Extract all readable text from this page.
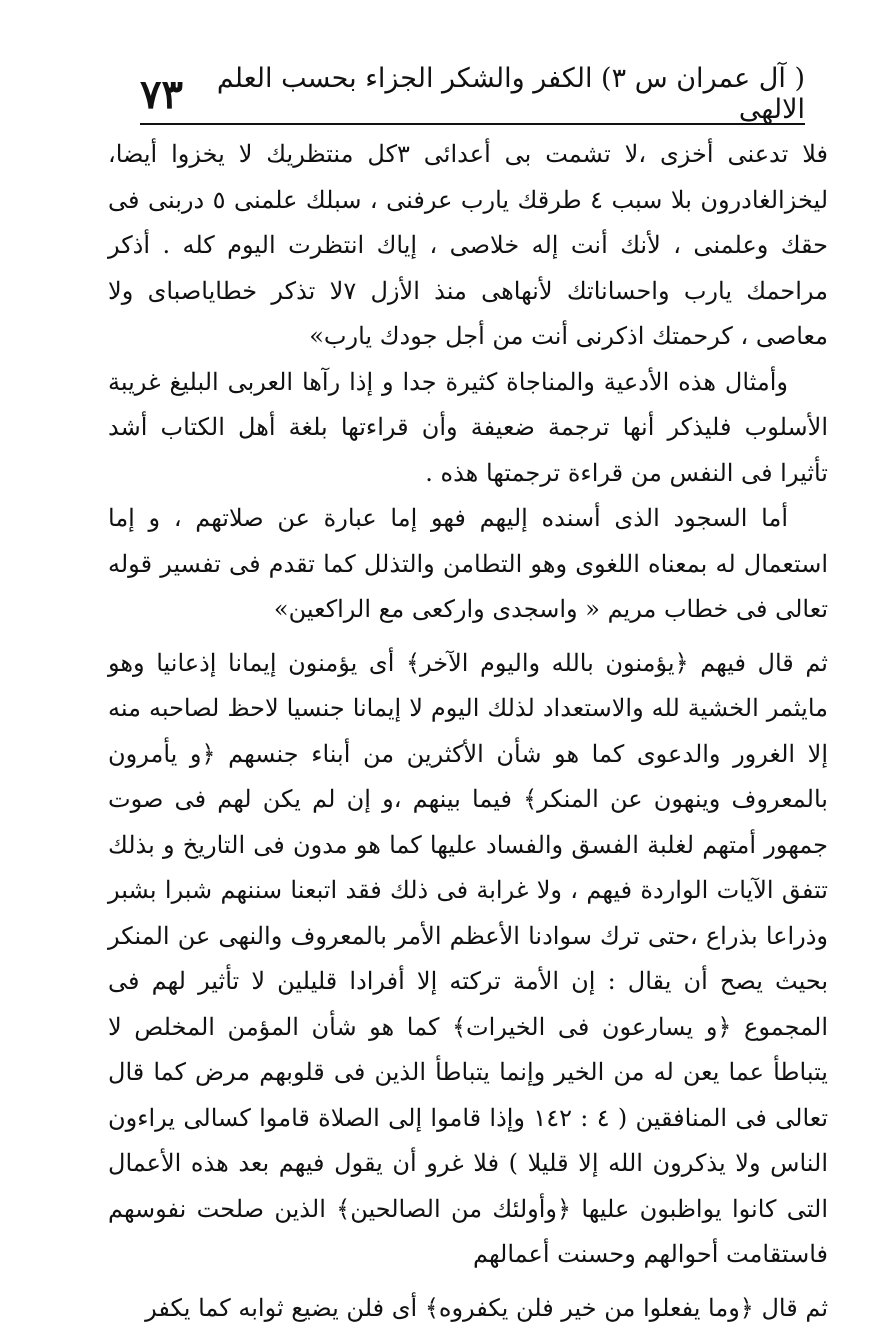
( آل عمران س ٣) الكفر والشكر الجزاء بحسب العلم الالهى
٧٣

فلا تدعنى أخزى ،لا تشمت بى أعدائى ٣كل منتظريك لا يخزوا أيضا، ليخزالغادرون بلا سبب ٤ طرقك يارب عرفنى ، سبلك علمنى ٥ دربنى فى حقك وعلمنى ، لأنك أنت إله خلاصى ، إياك انتظرت اليوم كله . أذكر مراحمك يارب واحساناتك لأنهاهى منذ الأزل ٧لا تذكر خطاياصباى ولا معاصى ، كرحمتك اذكرنى أنت من أجل جودك يارب»

وأمثال هذه الأدعية والمناجاة كثيرة جدا و إذا رآها العربى البليغ غريبة الأسلوب فليذكر أنها ترجمة ضعيفة وأن قراءتها بلغة أهل الكتاب أشد تأثيرا فى النفس من قراءة ترجمتها هذه .

أما السجود الذى أسنده إليهم فهو إما عبارة عن صلاتهم ، و إما استعمال له بمعناه اللغوى وهو التطامن والتذلل كما تقدم فى تفسير قوله تعالى فى خطاب مريم « واسجدى واركعى مع الراكعين»

ثم قال فيهم ﴿يؤمنون بالله واليوم الآخر﴾ أى يؤمنون إيمانا إذعانيا وهو مايثمر الخشية لله والاستعداد لذلك اليوم لا إيمانا جنسيا لاحظ لصاحبه منه إلا الغرور والدعوى كما هو شأن الأكثرين من أبناء جنسهم ﴿و يأمرون بالمعروف وينهون عن المنكر﴾ فيما بينهم ،و إن لم يكن لهم فى صوت جمهور أمتهم لغلبة الفسق والفساد عليها كما هو مدون فى التاريخ و بذلك تتفق الآيات الواردة فيهم ، ولا غرابة فى ذلك فقد اتبعنا سننهم شبرا بشبر وذراعا بذراع ،حتى ترك سوادنا الأعظم الأمر بالمعروف والنهى عن المنكر بحيث يصح أن يقال : إن الأمة تركته إلا أفرادا قليلين لا تأثير لهم فى المجموع ﴿و يسارعون فى الخيرات﴾ كما هو شأن المؤمن المخلص لا يتباطأ عما يعن له من الخير وإنما يتباطأ الذين فى قلوبهم مرض كما قال تعالى فى المنافقين ( ٤ : ١٤٢ وإذا قاموا إلى الصلاة قاموا كسالى يراءون الناس ولا يذكرون الله إلا قليلا ) فلا غرو أن يقول فيهم بعد هذه الأعمال التى كانوا يواظبون عليها ﴿وأولئك من الصالحين﴾ الذين صلحت نفوسهم فاستقامت أحوالهم وحسنت أعمالهم

ثم قال ﴿وما يفعلوا من خير فلن يكفروه﴾ أى فلن يضيع ثوابه كما يكفر
